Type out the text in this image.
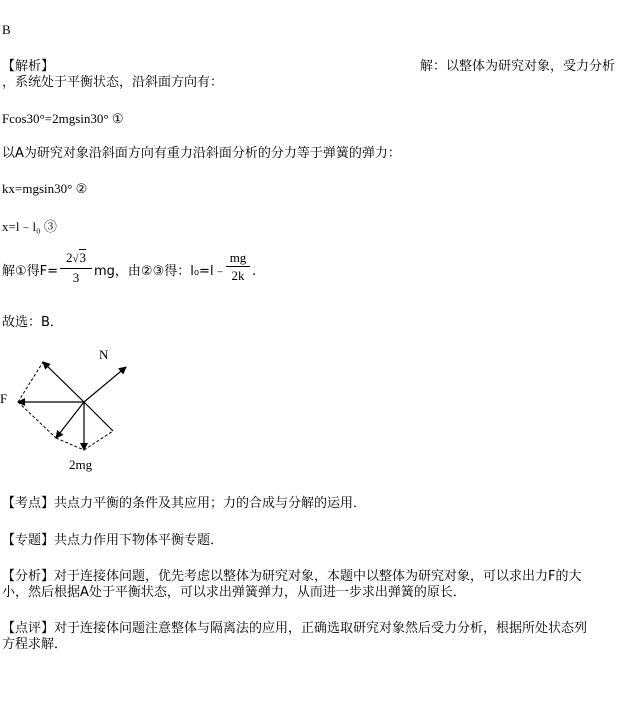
B
【解析】	解：以整体为研究对象，受力分析
，系统处于平衡状态，沿斜面方向有：
Fcos30°=2mgsin30° ①
以A为研究对象沿斜面方向有重力沿斜面分析的分力等于弹簧的弹力：
kx=mgsin30° ②
x=l﹣l₀ ③
解①得F=
2√3
3	mg，由②③得：l₀=l﹣
mg
2k .
故选：B．
N
F
2mg
【考点】共点力平衡的条件及其应用；力的合成与分解的运用．
【专题】共点力作用下物体平衡专题．
【分析】对于连接体问题，优先考虑以整体为研究对象，本题中以整体为研究对象，可以求出力F的大
小，然后根据A处于平衡状态，可以求出弹簧弹力，从而进一步求出弹簧的原长．
【点评】对于连接体问题注意整体与隔离法的应用，正确选取研究对象然后受力分析，根据所处状态列
方程求解．
